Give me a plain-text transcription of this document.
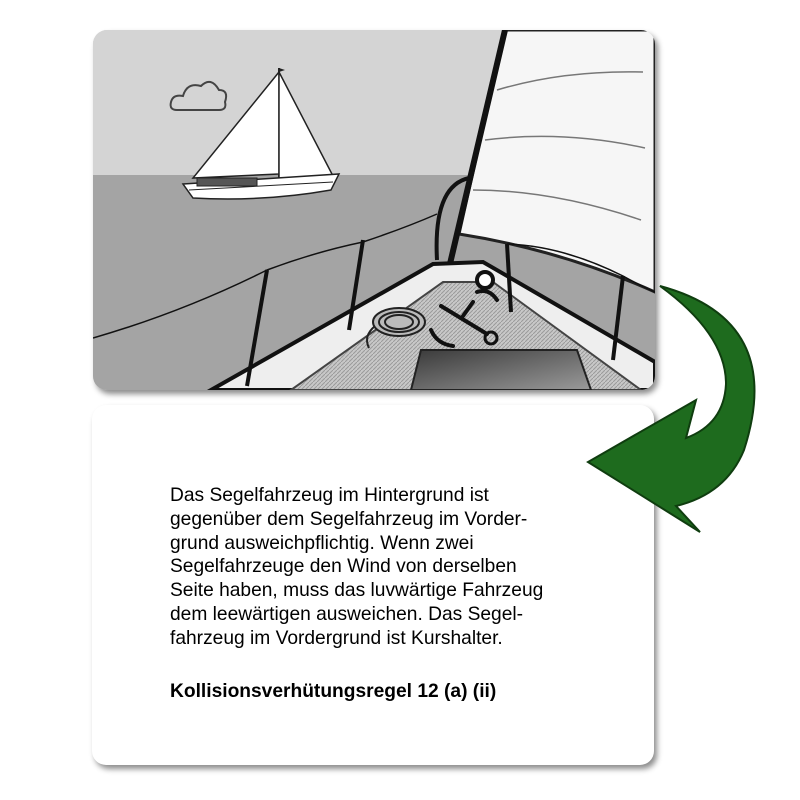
Das Segelfahrzeug im Hintergrund ist
gegenüber dem Segelfahrzeug im Vorder-
grund ausweichpflichtig. Wenn zwei
Segelfahrzeuge den Wind von derselben
Seite haben, muss das luvwärtige Fahrzeug
dem leewärtigen ausweichen. Das Segel-
fahrzeug im Vordergrund ist Kurshalter.
Kollisionsverhütungsregel 12 (a) (ii)
